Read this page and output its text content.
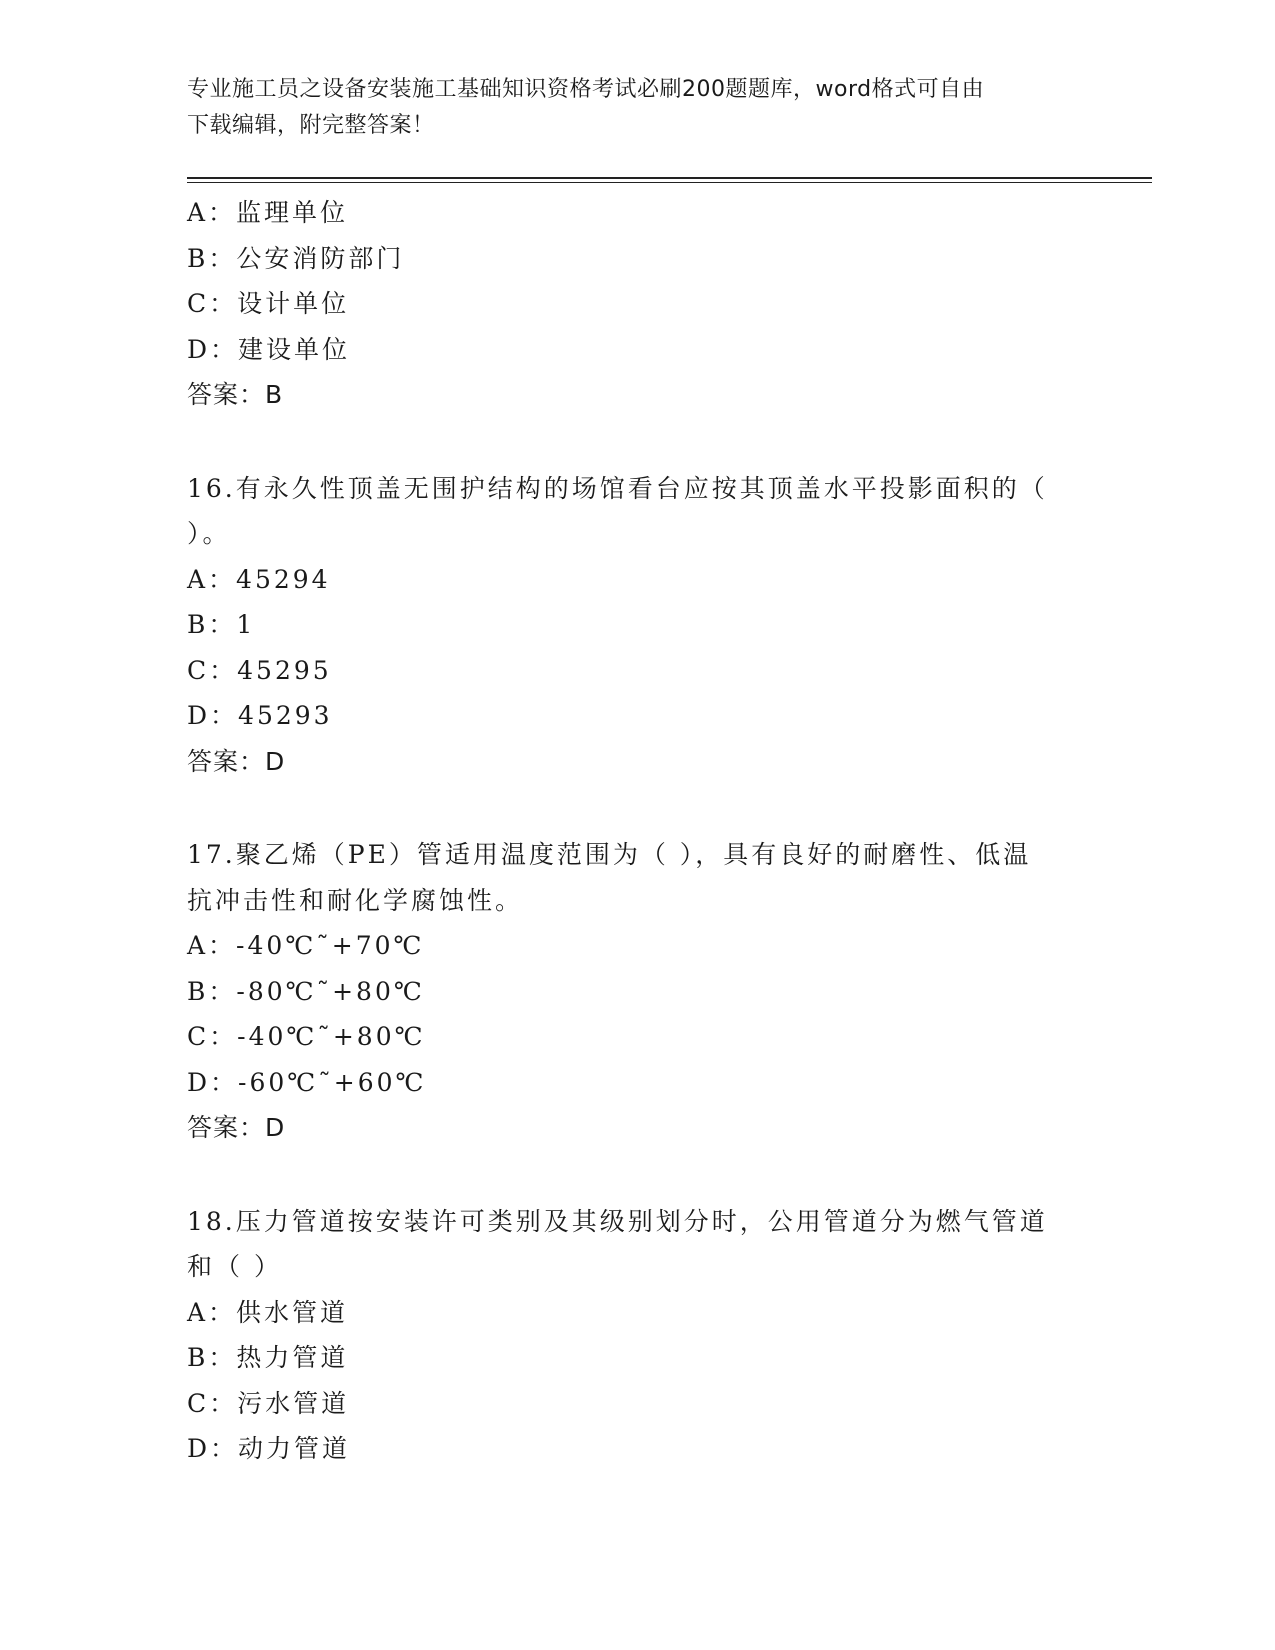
专业施工员之设备安装施工基础知识资格考试必刷200题题库，word格式可自由
下载编辑，附完整答案！
A：监理单位
B：公安消防部门
C：设计单位
D：建设单位
答案：B
16.有永久性顶盖无围护结构的场馆看台应按其顶盖水平投影面积的（
）。
A：45294
B：1
C：45295
D：45293
答案：D
17.聚乙烯（PE）管适用温度范围为（ ），具有良好的耐磨性、低温
抗冲击性和耐化学腐蚀性。
A：-40℃˜+70℃
B：-80℃˜+80℃
C：-40℃˜+80℃
D：-60℃˜+60℃
答案：D
18.压力管道按安装许可类别及其级别划分时，公用管道分为燃气管道
和（ ）
A：供水管道
B：热力管道
C：污水管道
D：动力管道
